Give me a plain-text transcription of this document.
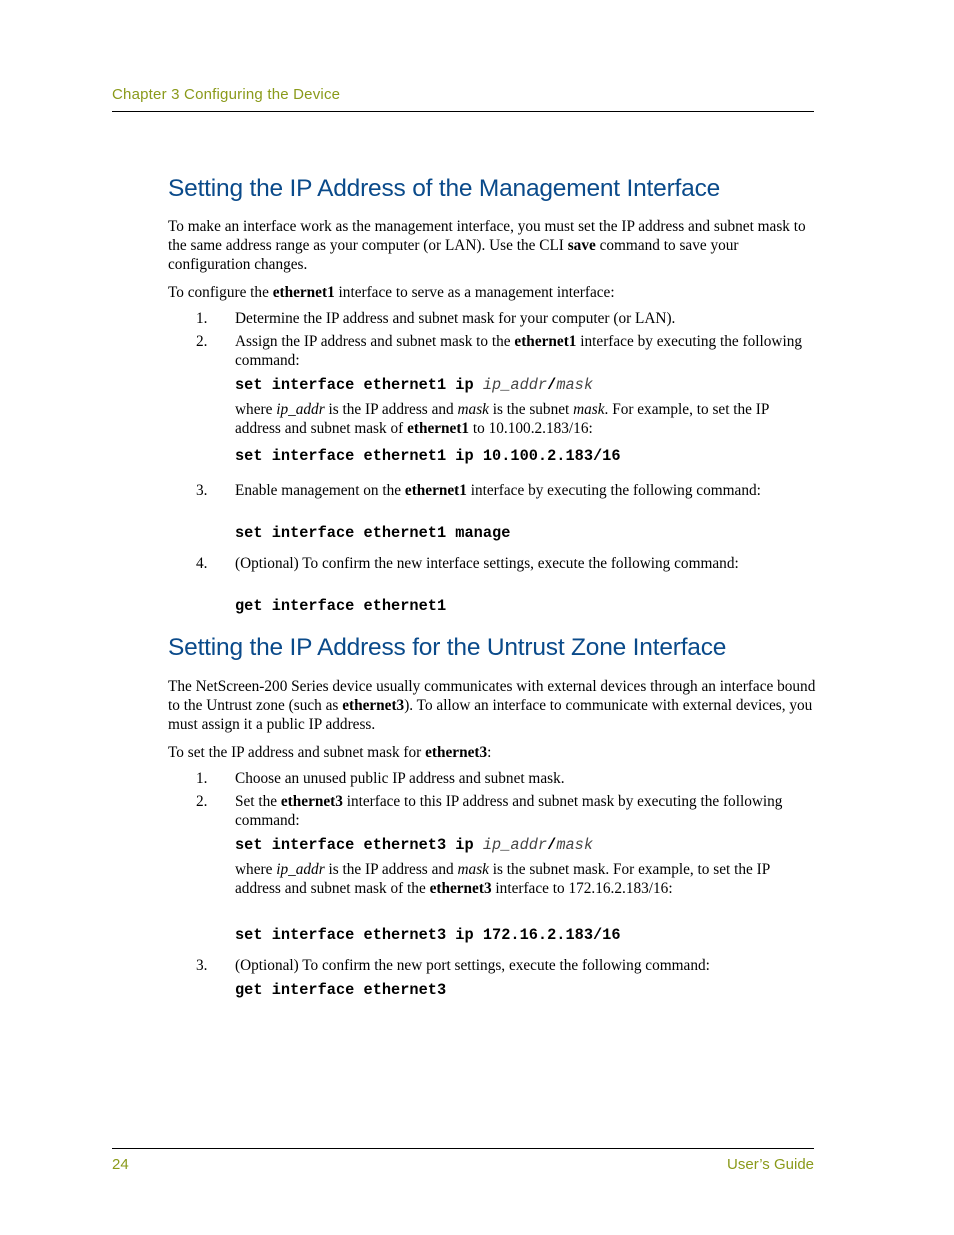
Chapter 3 Configuring the Device
Setting the IP Address of the Management Interface
To make an interface work as the management interface, you must set the IP address and subnet mask to the same address range as your computer (or LAN). Use the CLI save command to save your configuration changes.
To configure the ethernet1 interface to serve as a management interface:
1. Determine the IP address and subnet mask for your computer (or LAN).
2. Assign the IP address and subnet mask to the ethernet1 interface by executing the following command:
set interface ethernet1 ip ip_addr/mask
where ip_addr is the IP address and mask is the subnet mask. For example, to set the IP address and subnet mask of ethernet1 to 10.100.2.183/16:
set interface ethernet1 ip 10.100.2.183/16
3. Enable management on the ethernet1 interface by executing the following command:
set interface ethernet1 manage
4. (Optional) To confirm the new interface settings, execute the following command:
get interface ethernet1
Setting the IP Address for the Untrust Zone Interface
The NetScreen-200 Series device usually communicates with external devices through an interface bound to the Untrust zone (such as ethernet3). To allow an interface to communicate with external devices, you must assign it a public IP address.
To set the IP address and subnet mask for ethernet3:
1. Choose an unused public IP address and subnet mask.
2. Set the ethernet3 interface to this IP address and subnet mask by executing the following command:
set interface ethernet3 ip ip_addr/mask
where ip_addr is the IP address and mask is the subnet mask. For example, to set the IP address and subnet mask of the ethernet3 interface to 172.16.2.183/16:
set interface ethernet3 ip 172.16.2.183/16
3. (Optional) To confirm the new port settings, execute the following command:
get interface ethernet3
24	User’s Guide
